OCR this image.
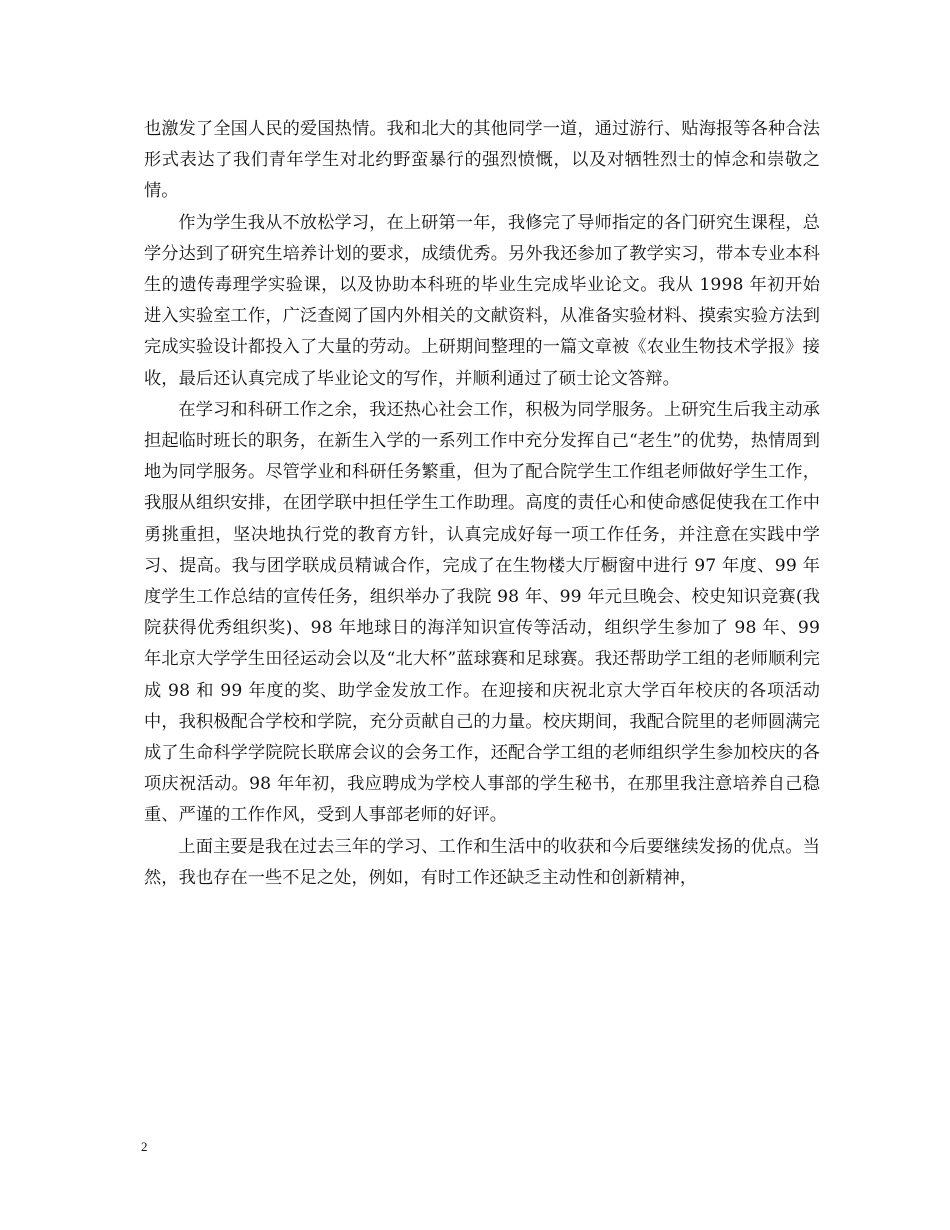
也激发了全国人民的爱国热情。我和北大的其他同学一道，通过游行、贴海报等各种合法形式表达了我们青年学生对北约野蛮暴行的强烈愤慨，以及对牺牲烈士的悼念和崇敬之情。

作为学生我从不放松学习，在上研第一年，我修完了导师指定的各门研究生课程，总学分达到了研究生培养计划的要求，成绩优秀。另外我还参加了教学实习，带本专业本科生的遗传毒理学实验课，以及协助本科班的毕业生完成毕业论文。我从 1998 年初开始进入实验室工作，广泛查阅了国内外相关的文献资料，从准备实验材料、摸索实验方法到完成实验设计都投入了大量的劳动。上研期间整理的一篇文章被《农业生物技术学报》接收，最后还认真完成了毕业论文的写作，并顺利通过了硕士论文答辩。

在学习和科研工作之余，我还热心社会工作，积极为同学服务。上研究生后我主动承担起临时班长的职务，在新生入学的一系列工作中充分发挥自己“老生”的优势，热情周到地为同学服务。尽管学业和科研任务繁重，但为了配合院学生工作组老师做好学生工作，我服从组织安排，在团学联中担任学生工作助理。高度的责任心和使命感促使我在工作中勇挑重担，坚决地执行党的教育方针，认真完成好每一项工作任务，并注意在实践中学习、提高。我与团学联成员精诚合作，完成了在生物楼大厅橱窗中进行 97 年度、99 年度学生工作总结的宣传任务，组织举办了我院 98 年、99 年元旦晚会、校史知识竞赛(我院获得优秀组织奖)、98 年地球日的海洋知识宣传等活动，组织学生参加了 98 年、99 年北京大学学生田径运动会以及“北大杯”蓝球赛和足球赛。我还帮助学工组的老师顺利完成 98 和 99 年度的奖、助学金发放工作。在迎接和庆祝北京大学百年校庆的各项活动中，我积极配合学校和学院，充分贡献自己的力量。校庆期间，我配合院里的老师圆满完成了生命科学学院院长联席会议的会务工作，还配合学工组的老师组织学生参加校庆的各项庆祝活动。98 年年初，我应聘成为学校人事部的学生秘书，在那里我注意培养自己稳重、严谨的工作作风，受到人事部老师的好评。

上面主要是我在过去三年的学习、工作和生活中的收获和今后要继续发扬的优点。当然，我也存在一些不足之处，例如，有时工作还缺乏主动性和创新精神，

2
